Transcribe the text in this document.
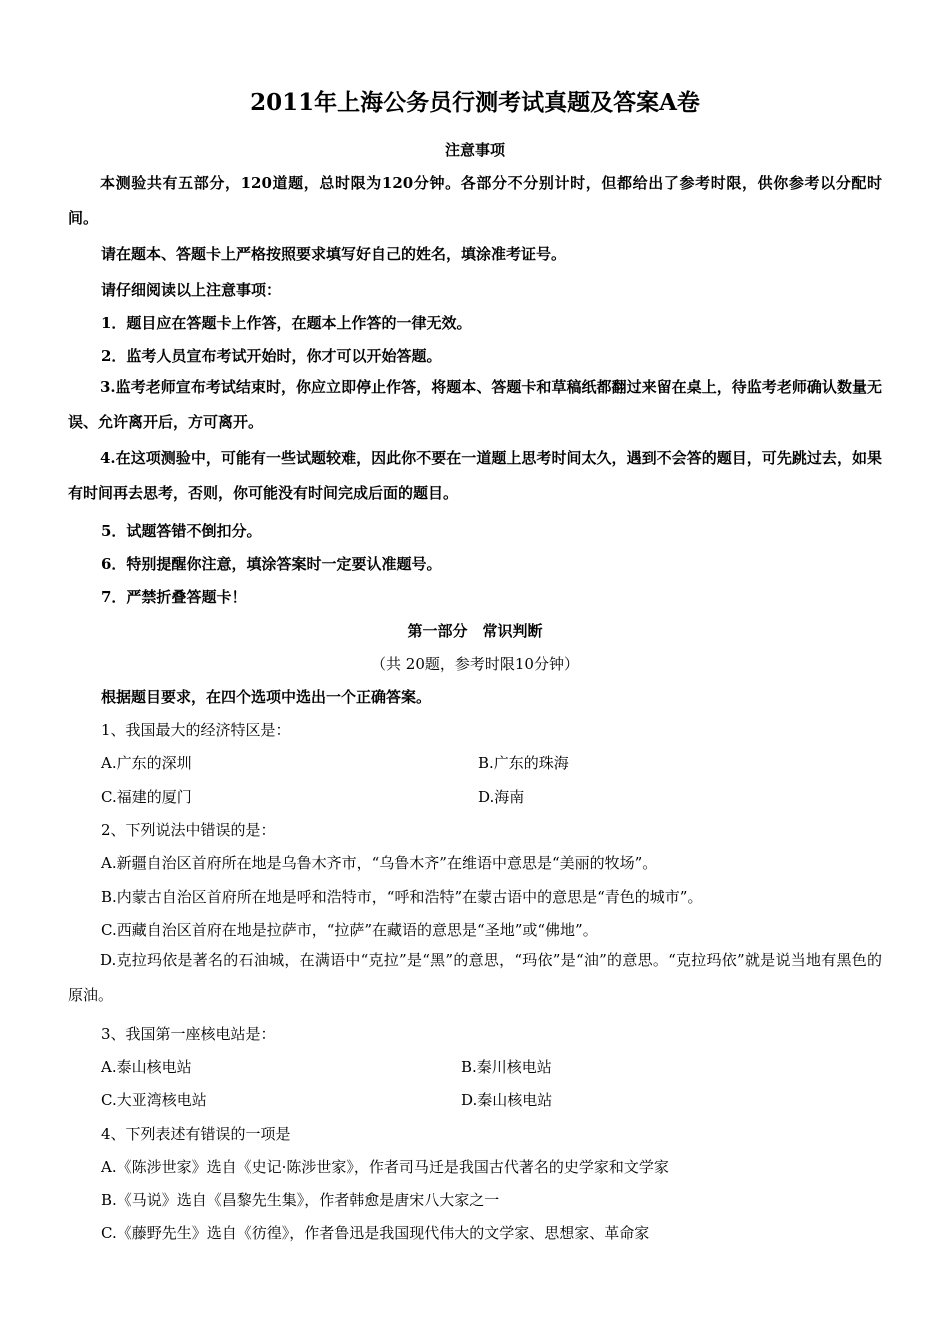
2011年上海公务员行测考试真题及答案A卷
注意事项
本测验共有五部分，120道题，总时限为120分钟。各部分不分别计时，但都给出了参考时限，供你参考以分配时间。
请在题本、答题卡上严格按照要求填写好自己的姓名，填涂准考证号。
请仔细阅读以上注意事项：
1．题目应在答题卡上作答，在题本上作答的一律无效。
2．监考人员宣布考试开始时，你才可以开始答题。
3.监考老师宣布考试结束时，你应立即停止作答，将题本、答题卡和草稿纸都翻过来留在桌上，待监考老师确认数量无误、允许离开后，方可离开。
4.在这项测验中，可能有一些试题较难，因此你不要在一道题上思考时间太久，遇到不会答的题目，可先跳过去，如果有时间再去思考，否则，你可能没有时间完成后面的题目。
5．试题答错不倒扣分。
6．特别提醒你注意，填涂答案时一定要认准题号。
7．严禁折叠答题卡！
第一部分　常识判断
（共 20题，参考时限10分钟）
根据题目要求，在四个选项中选出一个正确答案。
1、我国最大的经济特区是：
A.广东的深圳	B.广东的珠海
C.福建的厦门	D.海南
2、下列说法中错误的是：
A.新疆自治区首府所在地是乌鲁木齐市，“乌鲁木齐”在维语中意思是“美丽的牧场”。
B.内蒙古自治区首府所在地是呼和浩特市，“呼和浩特”在蒙古语中的意思是“青色的城市”。
C.西藏自治区首府在地是拉萨市，“拉萨”在藏语的意思是“圣地”或“佛地”。
D.克拉玛依是著名的石油城，在满语中“克拉”是“黑”的意思，“玛依”是“油”的意思。“克拉玛依”就是说当地有黑色的原油。
3、我国第一座核电站是：
A.泰山核电站	B.秦川核电站
C.大亚湾核电站	D.秦山核电站
4、下列表述有错误的一项是
A.《陈涉世家》选自《史记·陈涉世家》，作者司马迁是我国古代著名的史学家和文学家
B.《马说》选自《昌黎先生集》，作者韩愈是唐宋八大家之一
C.《藤野先生》选自《彷徨》，作者鲁迅是我国现代伟大的文学家、思想家、革命家
